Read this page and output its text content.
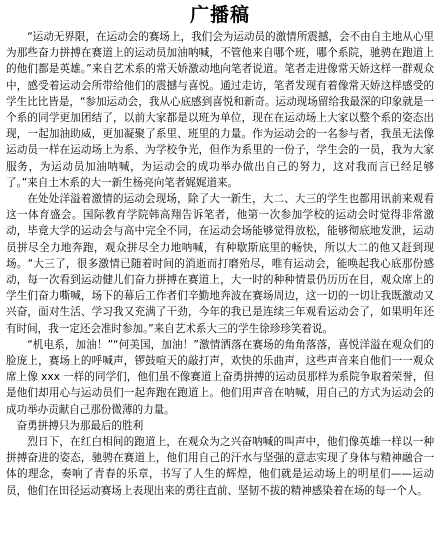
广播稿

“运动无界限，在运动会的赛场上，我们会为运动员的激情所震撼，会不由自主地从心里为那些奋力拼搏在赛道上的运动员加油呐喊，不管他来自哪个班，哪个系院，驰骋在跑道上的他们都是英雄。”来自艺术系的常天娇激动地向笔者说道。笔者走进像常天娇这样一群观众中，感受着运动会所带给他们的震撼与喜悦。通过走访，笔者发现有着像常天娇这样感受的学生比比皆是，“参加运动会，我从心底感到喜悦和新奇。运动现场留给我最深的印象就是一个系的同学更加团结了，以前大家都是以班为单位，现在在运动场上大家以整个系的姿态出现，一起加油助威，更加凝聚了系里、班里的力量。作为运动会的一名参与者，我虽无法像运动员一样在运动场上为系、为学校争光，但作为系里的一份子，学生会的一员，我为大家服务，为运动员加油呐喊，为运动会的成功举办做出自己的努力，这对我而言已经足够了。”来自土木系的大一新生杨亮向笔者娓娓道来。

在处处洋溢着激情的运动会现场，除了大一新生，大二、大三的学生也都用讯前来观看这一体育盛会。国际教育学院韩高翔告诉笔者，他第一次参加学校的运动会时觉得非常激动，毕竟大学的运动会与高中完全不同，在运动会场能够觉得放松，能够彻底地发泄，运动员拼尽全力地奔跑，观众拼尽全力地呐喊，有种歇斯底里的畅快，所以大二的他又赶到现场。“大三了，很多激情已随着时间的消逝而打磨殆尽，唯有运动会，能唤起我心底那份感动，每一次看到运动健儿们奋力拼搏在赛道上，大一时的种种情景仍历历在目，观众席上的学生们奋力嘶喊，场下的幕后工作者们辛勤地奔波在赛场周边，这一切的一切让我既激动又兴奋，面对生活、学习我又充满了干劲，今年的我已是连续三年观看运动会了，如果明年还有时间，我一定还会准时参加。”来自艺术系大三的学生徐珍珍笑着说。

“机电系，加油！”“何美国，加油！”激情洒落在赛场的角角落落，喜悦洋溢在观众们的脸庞上，赛场上的呼喊声，锣鼓喧天的敲打声，欢快的乐曲声，这些声音来自他们一一观众席上像 xxx 一样的同学们，他们虽不像赛道上奋勇拼搏的运动员那样为系院争取着荣誉，但是他们却用心与运动员们一起奔跑在跑道上。他们用声音在呐喊，用自己的方式为运动会的成功举办贡献自己那份微薄的力量。

奋勇拼搏只为那最后的胜利

烈日下，在红白相间的跑道上，在观众为之兴奋呐喊的叫声中，他们像英雄一样以一种拼搏奋进的姿态，驰骋在赛道上，他们用自己的汗水与坚强的意志实现了身体与精神融合一体的理念，奏响了青春的乐章，书写了人生的辉煌，他们就是运动场上的明星们——运动员，他们在田径运动赛场上表现出来的勇往直前、坚韧不拔的精神感染着在场的每一个人。
